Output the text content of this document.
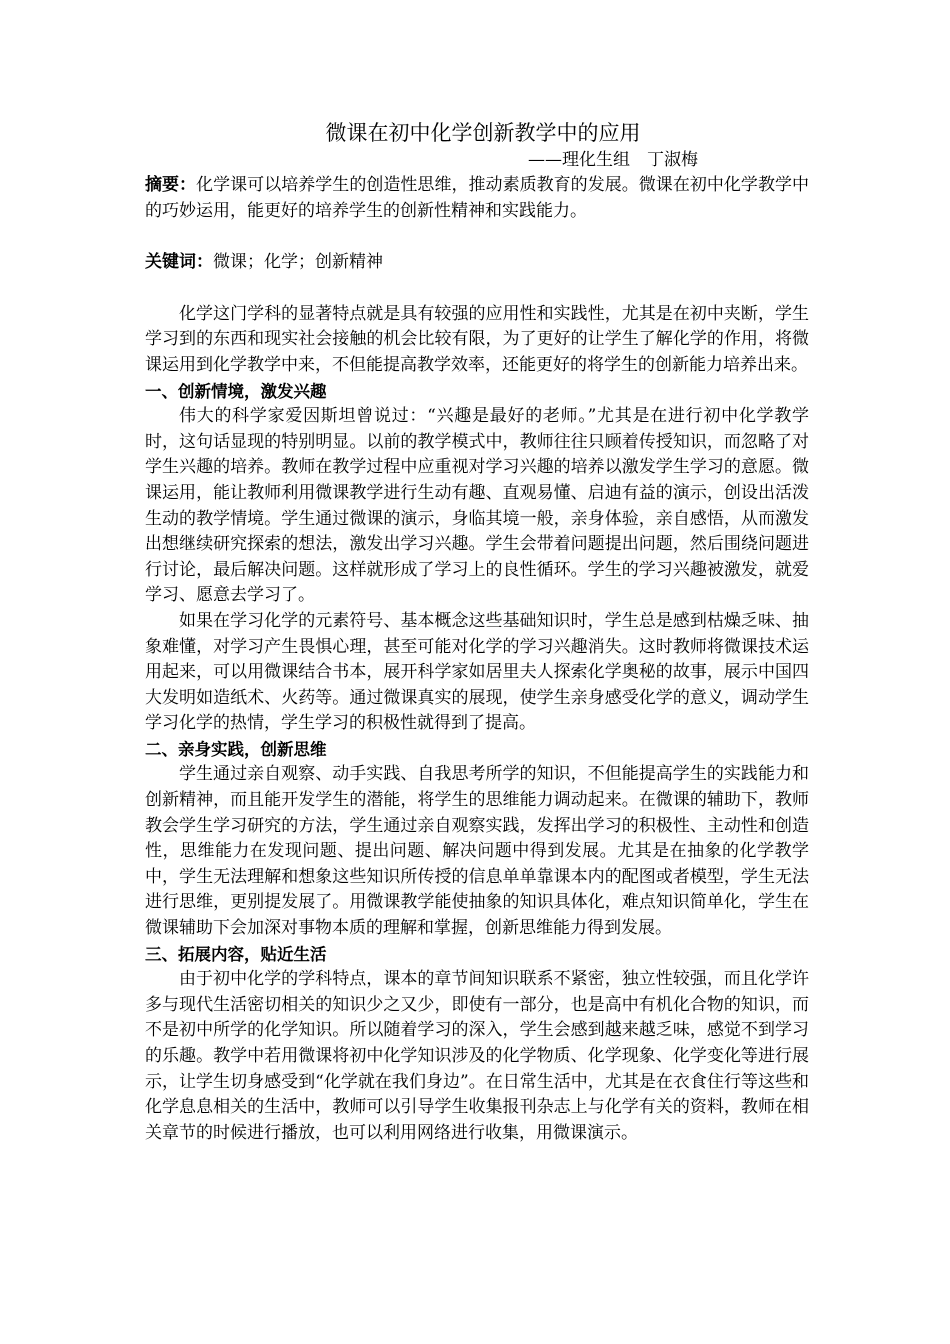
微课在初中化学创新教学中的应用

——理化生组　丁淑梅

摘要：化学课可以培养学生的创造性思维，推动素质教育的发展。微课在初中化学教学中的巧妙运用，能更好的培养学生的创新性精神和实践能力。

关键词：微课；化学；创新精神

化学这门学科的显著特点就是具有较强的应用性和实践性，尤其是在初中夹断，学生学习到的东西和现实社会接触的机会比较有限，为了更好的让学生了解化学的作用，将微课运用到化学教学中来，不但能提高教学效率，还能更好的将学生的创新能力培养出来。

一、创新情境，激发兴趣

伟大的科学家爱因斯坦曾说过：“兴趣是最好的老师。”尤其是在进行初中化学教学时，这句话显现的特别明显。以前的教学模式中，教师往往只顾着传授知识，而忽略了对学生兴趣的培养。教师在教学过程中应重视对学习兴趣的培养以激发学生学习的意愿。微课运用，能让教师利用微课教学进行生动有趣、直观易懂、启迪有益的演示，创设出活泼生动的教学情境。学生通过微课的演示，身临其境一般，亲身体验，亲自感悟，从而激发出想继续研究探索的想法，激发出学习兴趣。学生会带着问题提出问题，然后围绕问题进行讨论，最后解决问题。这样就形成了学习上的良性循环。学生的学习兴趣被激发，就爱学习、愿意去学习了。

如果在学习化学的元素符号、基本概念这些基础知识时，学生总是感到枯燥乏味、抽象难懂，对学习产生畏惧心理，甚至可能对化学的学习兴趣消失。这时教师将微课技术运用起来，可以用微课结合书本，展开科学家如居里夫人探索化学奥秘的故事，展示中国四大发明如造纸术、火药等。通过微课真实的展现，使学生亲身感受化学的意义，调动学生学习化学的热情，学生学习的积极性就得到了提高。

二、亲身实践，创新思维

学生通过亲自观察、动手实践、自我思考所学的知识，不但能提高学生的实践能力和创新精神，而且能开发学生的潜能，将学生的思维能力调动起来。在微课的辅助下，教师教会学生学习研究的方法，学生通过亲自观察实践，发挥出学习的积极性、主动性和创造性，思维能力在发现问题、提出问题、解决问题中得到发展。尤其是在抽象的化学教学中，学生无法理解和想象这些知识所传授的信息单单靠课本内的配图或者模型，学生无法进行思维，更别提发展了。用微课教学能使抽象的知识具体化，难点知识简单化，学生在微课辅助下会加深对事物本质的理解和掌握，创新思维能力得到发展。

三、拓展内容，贴近生活

由于初中化学的学科特点，课本的章节间知识联系不紧密，独立性较强，而且化学许多与现代生活密切相关的知识少之又少，即使有一部分，也是高中有机化合物的知识，而不是初中所学的化学知识。所以随着学习的深入，学生会感到越来越乏味，感觉不到学习的乐趣。教学中若用微课将初中化学知识涉及的化学物质、化学现象、化学变化等进行展示，让学生切身感受到“化学就在我们身边”。在日常生活中，尤其是在衣食住行等这些和化学息息相关的生活中，教师可以引导学生收集报刊杂志上与化学有关的资料，教师在相关章节的时候进行播放，也可以利用网络进行收集，用微课演示。
